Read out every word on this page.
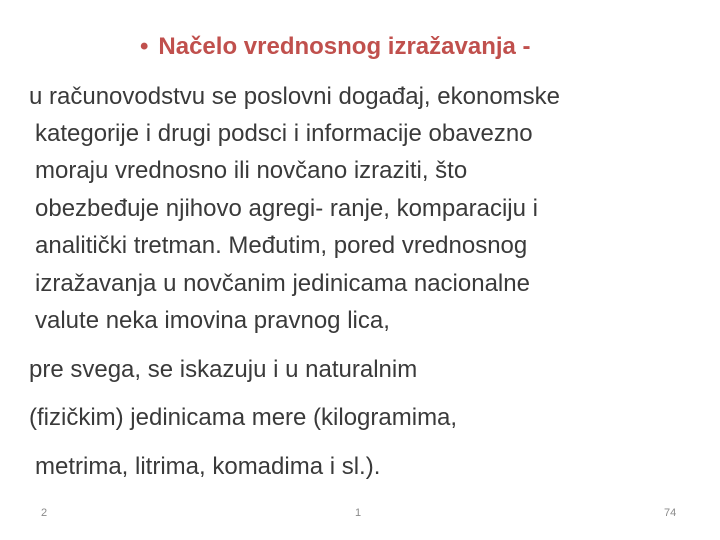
• Načelo vrednosnog izražavanja -
u računovodstvu se poslovni događaj, ekonomske
kategorije i drugi podsci i informacije obavezno
moraju vrednosno ili novčano izraziti, što
obezbeđuje njihovo agregi- ranje, komparaciju i
analitički tretman. Međutim, pored vrednosnog
izražavanja u novčanim jedinicama nacionalne
valute neka imovina pravnog lica,
pre svega, se iskazuju i u naturalnim
(fizičkim) jedinicama mere (kilogramima,
metrima, litrima, komadima i sl.).
2	1	74
